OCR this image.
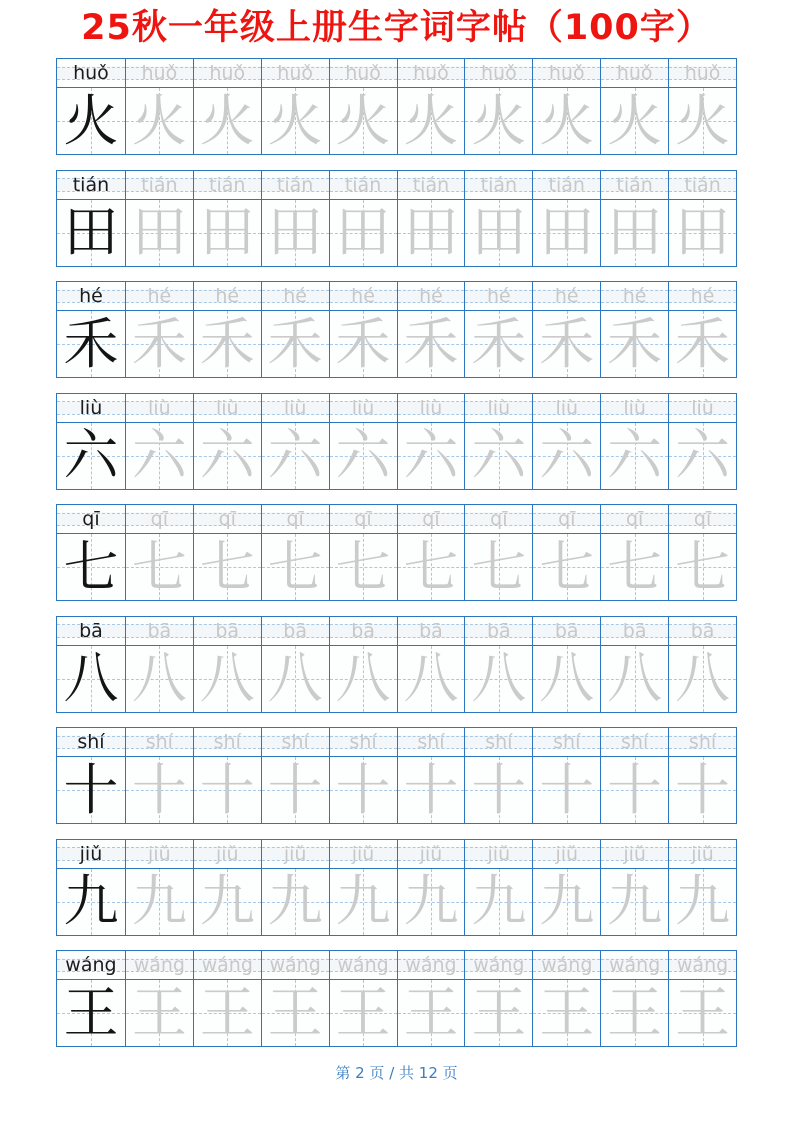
25秋一年级上册生字词字帖（100字）
huǒ huǒ huǒ huǒ huǒ huǒ huǒ huǒ huǒ huǒ
火 火 火 火 火 火 火 火 火 火
tián tián tián tián tián tián tián tián tián tián
田 田 田 田 田 田 田 田 田 田
hé hé hé hé hé hé hé hé hé hé
禾 禾 禾 禾 禾 禾 禾 禾 禾 禾
liù liù liù liù liù liù liù liù liù liù
六 六 六 六 六 六 六 六 六 六
qī	qī	qī	qī	qī	qī	qī	qī	qī	qī
七 七 七 七 七 七 七 七 七 七
bā bā bā bā bā bā bā bā bā bā
八 八 八 八 八 八 八 八 八 八
shí shí shí shí shí shí shí shí shí shí
十 十 十 十 十 十 十 十 十 十
jiǔ jiǔ jiǔ jiǔ jiǔ jiǔ jiǔ jiǔ jiǔ jiǔ
九 九 九 九 九 九 九 九 九 九
wáng wáng wáng wáng wáng wáng wáng wáng wáng wáng
王 王 王 王 王 王 王 王 王 王
第 2 页 / 共 12 页
